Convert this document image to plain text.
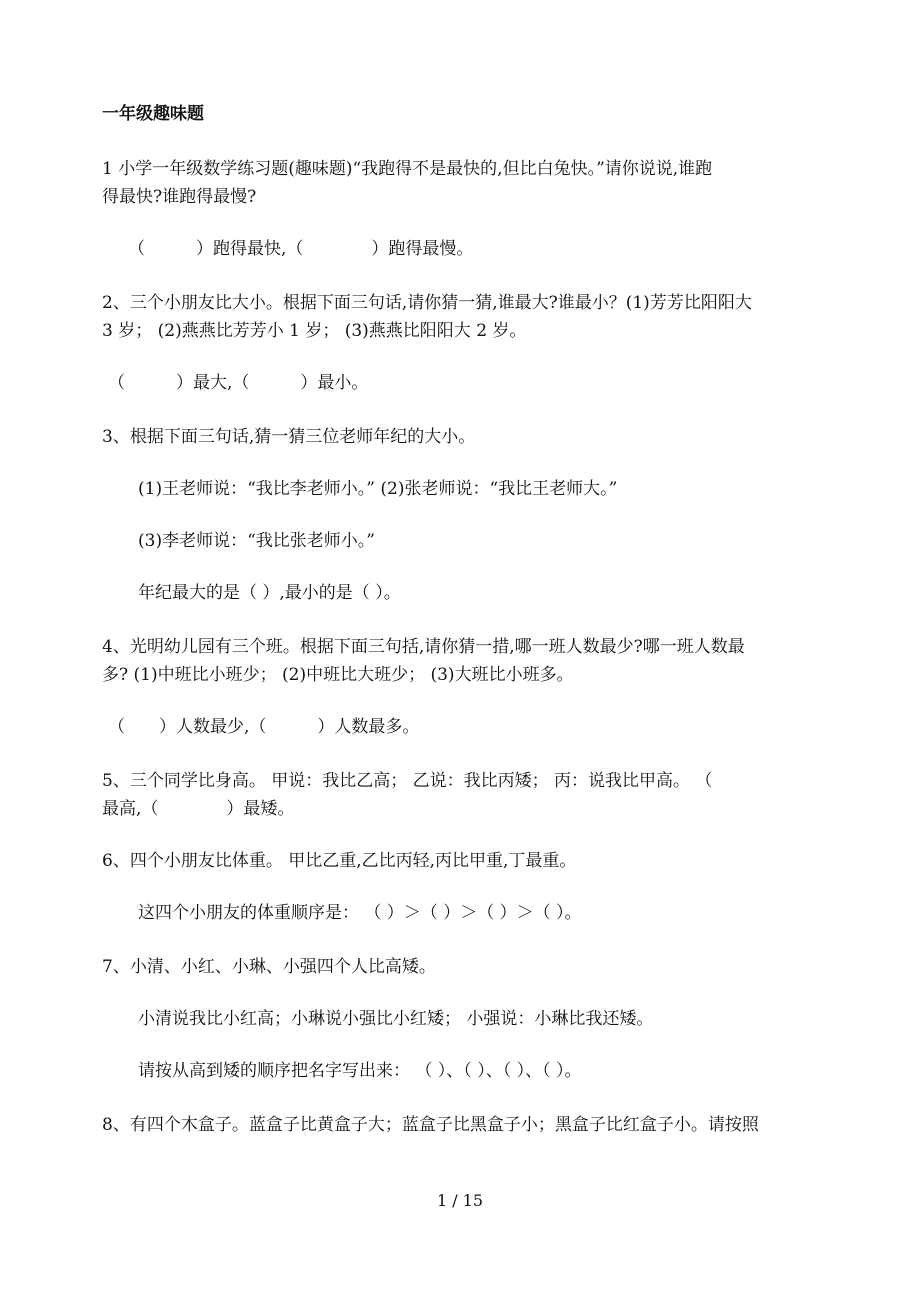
一年级趣味题
1 小学一年级数学练习题(趣味题)“我跑得不是最快的,但比白兔快。”请你说说,谁跑
得最快?谁跑得最慢?
（　　　）跑得最快,（　　　　）跑得最慢。
2、三个小朋友比大小。根据下面三句话,请你猜一猜,谁最大?谁最小？(1)芳芳比阳阳大
3 岁； (2)燕燕比芳芳小 1 岁； (3)燕燕比阳阳大 2 岁。
（　　　）最大,（　　　）最小。
3、根据下面三句话,猜一猜三位老师年纪的大小。
(1)王老师说：“我比李老师小。” (2)张老师说：“我比王老师大。”
(3)李老师说：“我比张老师小。”
年纪最大的是（ ）,最小的是（ ）。
4、光明幼儿园有三个班。根据下面三句括,请你猜一措,哪一班人数最少?哪一班人数最
多? (1)中班比小班少； (2)中班比大班少； (3)大班比小班多。
（　　）人数最少,（　　　）人数最多。
5、三个同学比身高。 甲说：我比乙高； 乙说：我比丙矮； 丙：说我比甲高。 （
最高,（　　　　）最矮。
6、四个小朋友比体重。 甲比乙重,乙比丙轻,丙比甲重,丁最重。
这四个小朋友的体重顺序是： （ ）＞（ ）＞（ ）＞（ ）。
7、小清、小红、小琳、小强四个人比高矮。
小清说我比小红高；小琳说小强比小红矮； 小强说：小琳比我还矮。
请按从高到矮的顺序把名字写出来： （ ）、（ ）、（ ）、（ ）。
8、有四个木盒子。蓝盒子比黄盒子大；蓝盒子比黑盒子小；黑盒子比红盒子小。请按照
1 / 15
